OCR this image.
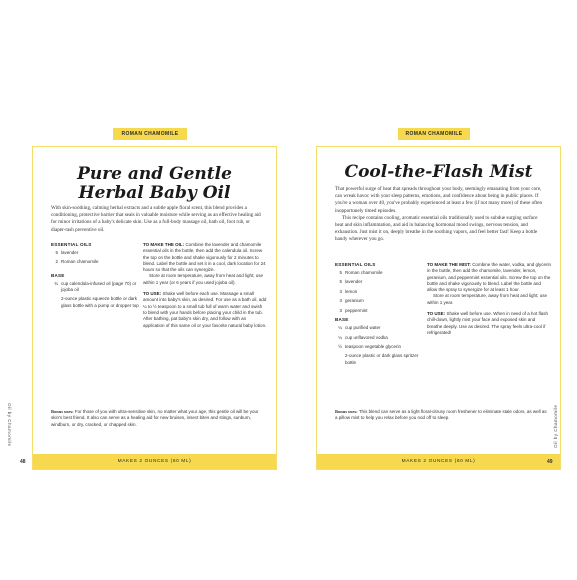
ROMAN CHAMOMILE
Pure and Gentle
Herbal Baby Oil

With skin-soothing, calming herbal extracts and a subtle apple floral scent, this blend provides a conditioning, protective barrier that seals in valuable moisture while serving as an effective healing aid for minor irritations of a baby's delicate skin. Use as a full-body massage oil, bath oil, foot rub, or diaper-rash preventive oil.

ESSENTIAL OILS
5 lavender
2 Roman chamomile
BASE
¾ cup calendula-infused oil (page 70) or jojoba oil
2-ounce plastic squeeze bottle or dark glass bottle with a pump or dropper top

TO MAKE THE OIL: Combine the lavender and chamomile essential oils in the bottle, then add the calendula oil. Screw the top on the bottle and shake vigorously for 2 minutes to blend. Label the bottle and set it in a cool, dark location for 24 hours so that the oils can synergize.

Store at room temperature, away from heat and light; use within 1 year (or 6 years if you used jojoba oil).

TO USE: Shake well before each use. Massage a small amount into baby's skin, as desired. For use as a bath oil, add ¼ to ½ teaspoon to a small tub full of warm water and swish to blend with your hands before placing your child in the tub. After bathing, pat baby's skin dry, and follow with an application of this same oil or your favorite natural baby lotion.

Bonus uses: For those of you with ultra-sensitive skin, no matter what your age, this gentle oil will be your skin's best friend. It also can serve as a healing aid for new bruises, insect bites and stings, sunburn, windburn, or dry, cracked, or chapped skin.
MAKES 2 OUNCES (60 ML)
Oil by Chamomile
48
ROMAN CHAMOMILE
Cool-the-Flash Mist

That powerful surge of heat that spreads throughout your body, seemingly emanating from your core, can wreak havoc with your sleep patterns, emotions, and confidence about being in public places. If you're a woman over 40, you've probably experienced at least a few (if not many more) of these often inopportunely timed episodes.

This recipe contains cooling, aromatic essential oils traditionally used to subdue surging surface heat and skin inflammation, and aid in balancing hormonal mood swings, nervous tension, and exhaustion. Just mist it on, deeply breathe in the soothing vapors, and feel better fast! Keep a bottle handy wherever you go.

ESSENTIAL OILS
5 Roman chamomile
5 lavender
3 lemon
3 geranium
3 peppermint
BASE
¼ cup purified water
¼ cup unflavored vodka
½ teaspoon vegetable glycerin
2-ounce plastic or dark glass spritzer bottle

TO MAKE THE MIST: Combine the water, vodka, and glycerin in the bottle, then add the chamomile, lavender, lemon, geranium, and peppermint essential oils. Screw the top on the bottle and shake vigorously to blend. Label the bottle and allow the spray to synergize for at least 1 hour.

Store at room temperature, away from heat and light; use within 1 year.

TO USE: Shake well before use. When in need of a hot flash chill-down, lightly mist your face and exposed skin and breathe deeply. Use as desired. The spray feels ultra-cool if refrigerated!

Bonus uses: This blend can serve as a light floral-citrusy room freshener to eliminate stale odors, as well as a pillow mist to help you relax before you nod off to sleep.
MAKES 2 OUNCES (60 ML)
Oil by Chamomile
49
